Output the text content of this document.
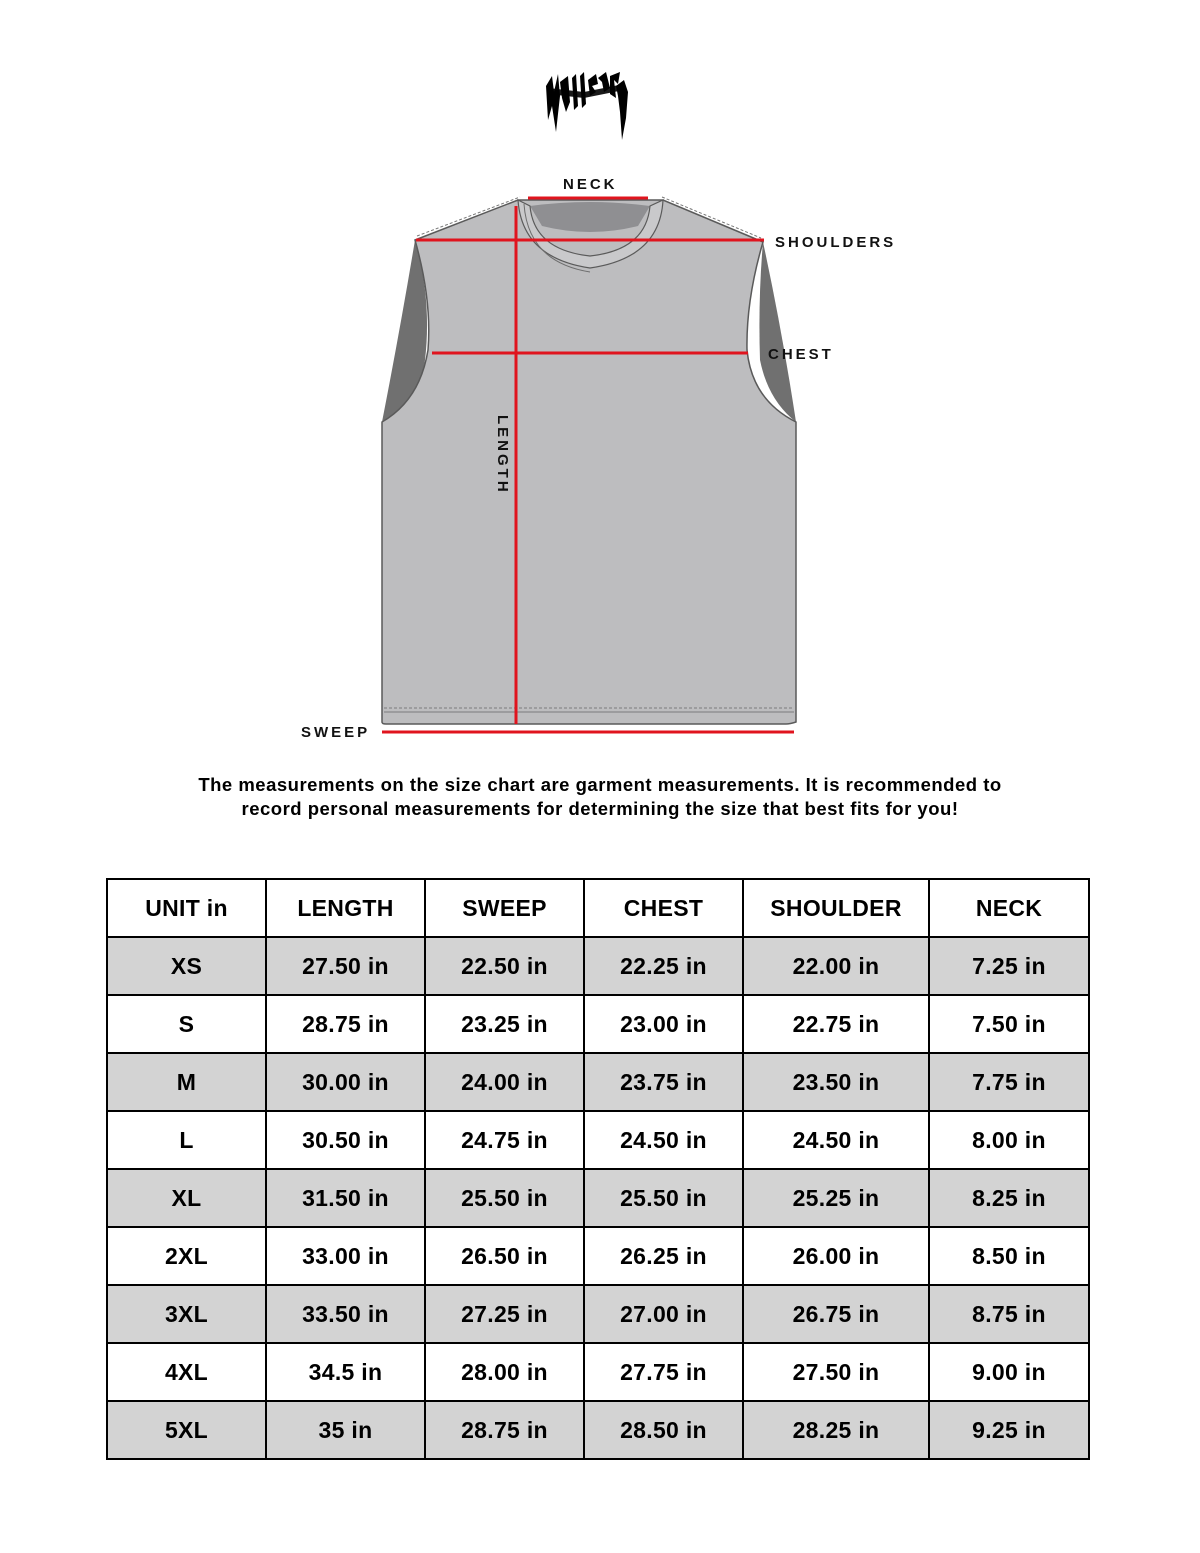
LENGTH
NECK
SHOULDERS
CHEST
SWEEP
The measurements on the size chart are garment measurements. It is recommended to
record personal measurements for determining the size that best fits for you!
UNIT in	LENGTH	SWEEP	CHEST	SHOULDER	NECK
XS	27.50 in	22.50 in	22.25 in	22.00 in	7.25 in
S	28.75 in	23.25 in	23.00 in	22.75 in	7.50 in
M	30.00 in	24.00 in	23.75 in	23.50 in	7.75 in
L	30.50 in	24.75 in	24.50 in	24.50 in	8.00 in
XL	31.50 in	25.50 in	25.50 in	25.25 in	8.25 in
2XL	33.00 in	26.50 in	26.25 in	26.00 in	8.50 in
3XL	33.50 in	27.25 in	27.00 in	26.75 in	8.75 in
4XL	34.5 in	28.00 in	27.75 in	27.50 in	9.00 in
5XL	35 in	28.75 in	28.50 in	28.25 in	9.25 in
